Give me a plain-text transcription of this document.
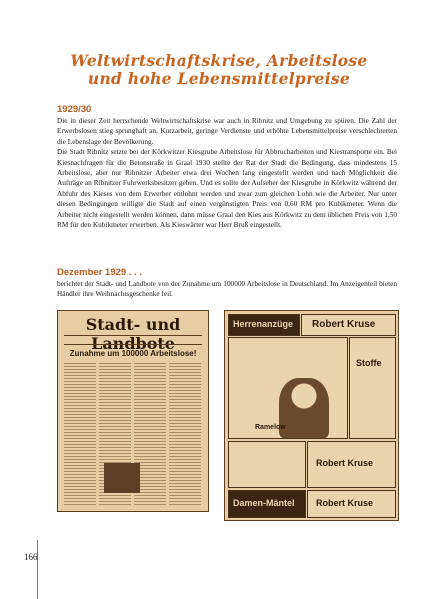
Weltwirtschaftskrise, Arbeitslose
und hohe Lebensmittelpreise
1929/30
Die in dieser Zeit herrschende Weltwirtschaftskrise war auch in Ribnitz und Umgebung zu spüren. Die Zahl der Erwerbslosen stieg sprunghaft an. Kurzarbeit, geringe Verdienste und erhöhte Lebensmittelpreise verschlechterten die Lebenslage der Bevölkerung.
Die Stadt Ribnitz setzte bei der Körkwitzer Kiesgrube Arbeitslose für Abbrucharbeiten und Kiestransporte ein. Bei Kiesnachfragen für die Betonstraße in Graal 1930 stellte der Rat der Stadt die Bedingung, dass mindestens 15 Arbeitslose, aber nur Ribnitzer Arbeiter etwa drei Wochen lang eingestellt werden und nach Möglichkeit die Aufträge an Ribnitzer Fuhrwerksbesitzer gehen. Und es sollte der Aufseher der Kiesgrube in Körkwitz während der Abfuhr des Kieses von dem Erwerber entlohnt werden und zwar zum gleichen Lohn wie die Arbeiter. Nur unter diesen Bedingungen willigte die Stadt auf einen vergünstigten Preis von 0,60 RM pro Kubikmeter. Wenn die Arbeiter nicht eingestellt werden können, dann müsse Graal den Kies aus Körkwitz zu dem üblichen Preis von 1,50 RM für den Kubikmeter erwerben. Als Kieswärter war Herr Bruß eingestellt.
Dezember 1929 . . .
berichtet der Stadt- und Landbote von der Zunahme um 100000 Arbeitslose in Deutschland. Im Anzeigenteil bieten Händler ihre Weihnachtsgeschenke feil.
Stadt- und Landbote
Zunahme um 100000 Arbeitslose!
Herrenanzüge Robert Kruse
Ramelow
Stoffe
Robert Kruse
Damen-Mäntel Robert Kruse
166
